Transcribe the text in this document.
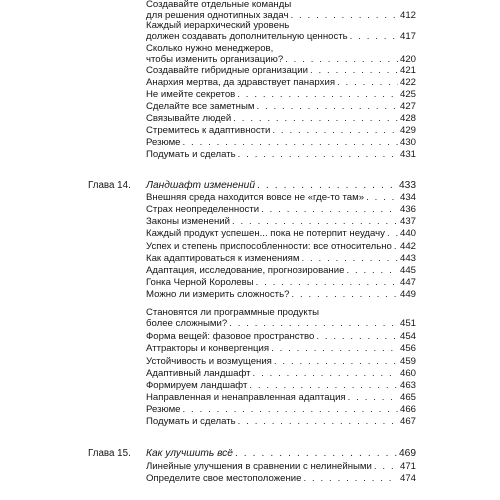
Создавайте отдельные команды
для решения однотипных задач . . .	412
Каждый иерархический уровень
должен создавать дополнительную ценность . . .	417
Сколько нужно менеджеров,
чтобы изменить организацию? . . .	420
Создавайте гибридные организации . . .	421
Анархия мертва, да здравствует панархия . . .	422
Не имейте секретов . . .	425
Сделайте все заметным . . .	427
Связывайте людей . . .	428
Стремитесь к адаптивности . . .	429
Резюме . . .	430
Подумать и сделать . . .	431
Глава 14. Ландшафт изменений . . .	433
Внешняя среда находится вовсе не «где-то там» . . .	434
Страх неопределенности . . .	436
Законы изменений . . .	437
Каждый продукт успешен... пока не потерпит неудачу . . . 440
Успех и степень приспособленности: все относительно . . . 442
Как адаптироваться к изменениям . . .	443
Адаптация, исследование, прогнозирование . . .	445
Гонка Черной Королевы . . .	447
Можно ли измерить сложность? . . .	449
Становятся ли программные продукты
более сложными? . . .	451
Форма вещей: фазовое пространство . . .	454
Аттракторы и конвергенция . . .	456
Устойчивость и возмущения . . .	459
Адаптивный ландшафт . . .	460
Формируем ландшафт . . .	463
Направленная и ненаправленная адаптация . . .	465
Резюме . . .	466
Подумать и сделать . . .	467
Глава 15. Как улучшить всё . . .	469
Линейные улучшения в сравнении с нелинейными . . .	471
Определите свое местоположение . . .	474
